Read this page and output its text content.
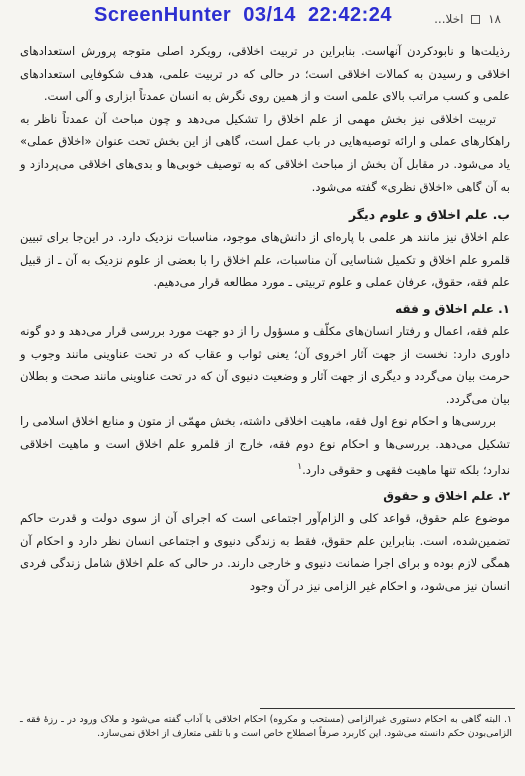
ScreenHunter 03/14 22:42:24	۱۸  اخلا...

رذیلت‌ها و نابودکردن آنهاست. بنابراین در تربیت اخلاقی، رویکرد اصلی متوجه پرورش استعدادهای اخلاقی و رسیدن به کمالات اخلاقی است؛ در حالی که در تربیت علمی، هدف شکوفایی استعدادهای علمی و کسب مراتب بالای علمی است و از همین روی نگرش به انسان عمدتاً ابزاری و آلی است.

تربیت اخلاقی نیز بخش مهمی از علم اخلاق را تشکیل می‌دهد و چون مباحث آن عمدتاً ناظر به راهکارهای عملی و ارائه توصیه‌هایی در باب عمل است، گاهی از این بخش تحت عنوان «اخلاق عملی» یاد می‌شود. در مقابل آن بخش از مباحث اخلاقی که به توصیف خوبی‌ها و بدی‌های اخلاقی می‌پردازد و به آن گاهی «اخلاق نظری» گفته می‌شود.

ب. علم اخلاق و علوم دیگر

علم اخلاق نیز مانند هر علمی با پاره‌ای از دانش‌های موجود، مناسبات نزدیک دارد. در این‌جا برای تبیین قلمرو علم اخلاق و تکمیل شناسایی آن مناسبات، علم اخلاق را با بعضی از علوم نزدیک به آن ـ از قبیل علم فقه، حقوق، عرفان عملی و علوم تربیتی ـ مورد مطالعه قرار می‌دهیم.

۱. علم اخلاق و فقه

علم فقه، اعمال و رفتار انسان‌های مکلّف و مسؤول را از دو جهت مورد بررسی قرار می‌دهد و دو گونه داوری دارد: نخست از جهت آثار اخروی آن؛ یعنی ثواب و عقاب که در تحت عناوینی مانند وجوب و حرمت بیان می‌گردد و دیگری از جهت آثار و وضعیت دنیوی آن که در تحت عناوینی مانند صحت و بطلان بیان می‌گردد.

بررسی‌ها و احکام نوع اول فقه، ماهیت اخلاقی داشته، بخش مهمّی از متون و منابع اخلاق اسلامی را تشکیل می‌دهد. بررسی‌ها و احکام نوع دوم فقه، خارج از قلمرو علم اخلاق است و ماهیت اخلاقی ندارد؛ بلکه تنها ماهیت فقهی و حقوقی دارد.$^۱$

۲. علم اخلاق و حقوق

موضوع علم حقوق، قواعد کلی و الزام‌آور اجتماعی است که اجرای آن از سوی دولت و قدرت حاکم تضمین‌شده، است. بنابراین علم حقوق، فقط به زندگی دنیوی و اجتماعی انسان نظر دارد و احکام آن همگی لازم بوده و برای اجرا ضمانت دنیوی و خارجی دارند. در حالی که علم اخلاق شامل زندگی فردی انسان نیز می‌شود، و احکام غیر الزامی نیز در آن وجود

۱. البته گاهی به احکام دستوری غیرالزامی (مستحب و مکروه) احکام اخلاقی یا آداب گفته می‌شود و ملاک ورود در ـ رزۀ فقه ـ الزامی‌بودن حکم دانسته می‌شود. این کاربرد صرفاً اصطلاح خاص است و با تلقی متعارف از اخلاق نمی‌سازد.
